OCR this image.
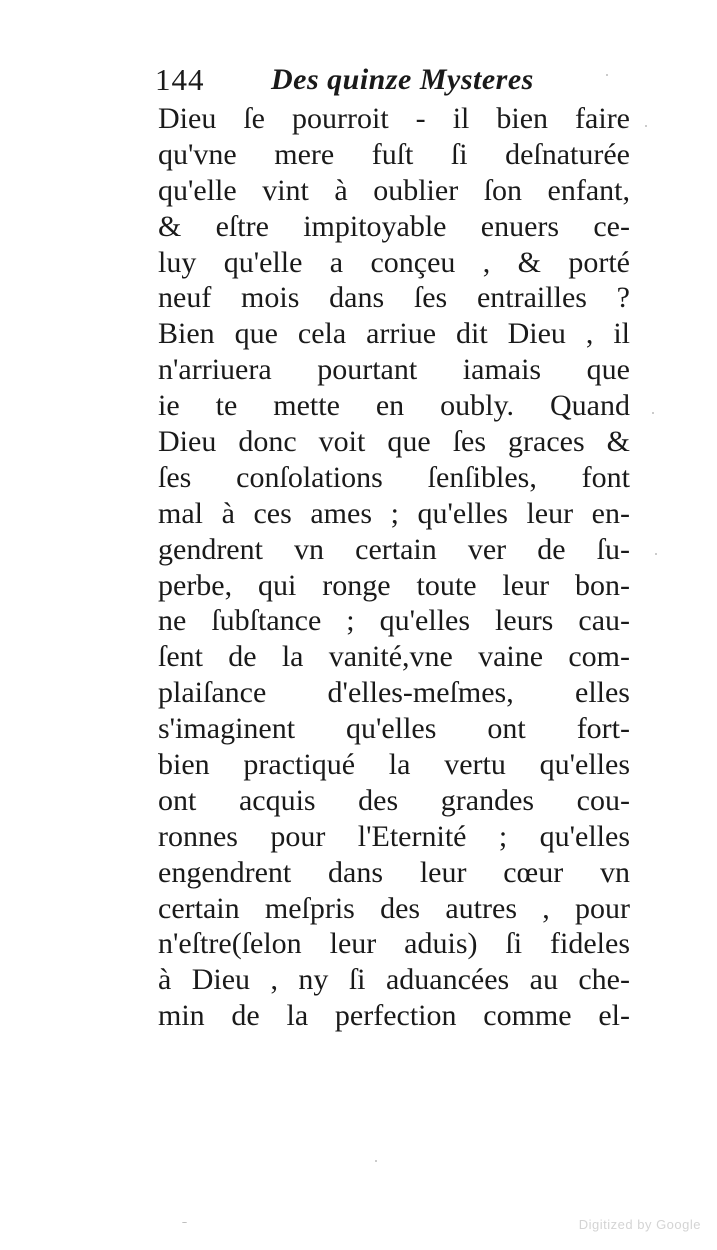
144 Des quinze Mysteres
Dieu ſe pourroit - il bien faire
qu'vne mere fuſt ſi deſnaturée
qu'elle vint à oublier ſon enfant,
& eſtre impitoyable enuers ce-
luy qu'elle a conçeu , & porté
neuf mois dans ſes entrailles ?
Bien que cela arriue dit Dieu , il
n'arriuera pourtant iamais que
ie te mette en oubly. Quand
Dieu donc voit que ſes graces &
ſes conſolations ſenſibles, font
mal à ces ames ; qu'elles leur en-
gendrent vn certain ver de ſu-
perbe, qui ronge toute leur bon-
ne ſubſtance ; qu'elles leurs cau-
ſent de la vanité,vne vaine com-
plaiſance d'elles-meſmes, elles
s'imaginent qu'elles ont fort-
bien practiqué la vertu qu'elles
ont acquis des grandes cou-
ronnes pour l'Eternité ; qu'elles
engendrent dans leur cœur vn
certain meſpris des autres , pour
n'eſtre(ſelon leur aduis) ſi fideles
à Dieu , ny ſi aduancées au che-
min de la perfection comme el-
Digitized by Google
